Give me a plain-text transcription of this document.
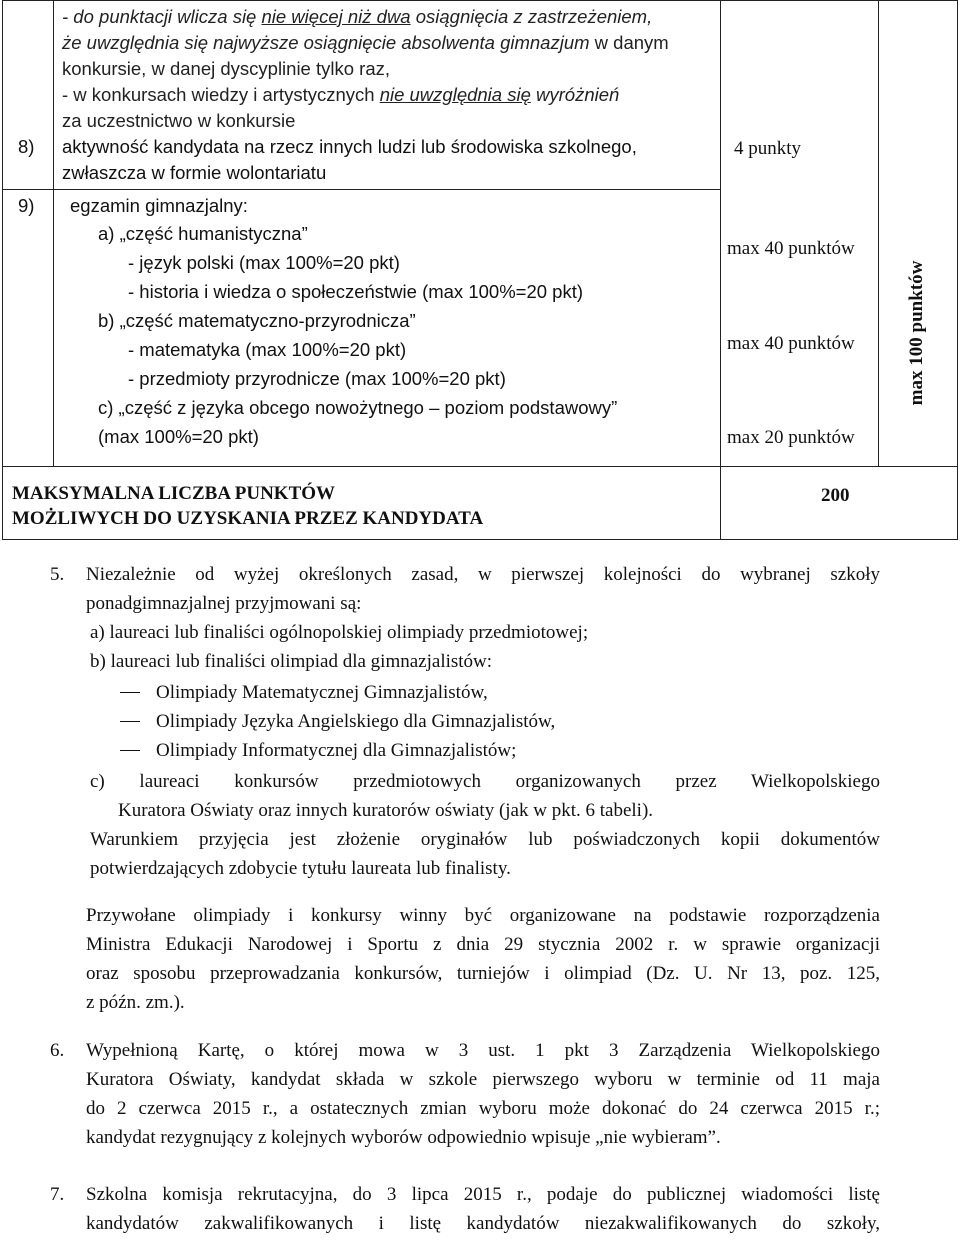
- do punktacji wlicza się nie więcej niż dwa osiągnięcia z zastrzeżeniem,
że uwzględnia się najwyższe osiągnięcie absolwenta gimnazjum w danym
konkursie, w danej dyscyplinie tylko raz,
- w konkursach wiedzy i artystycznych nie uwzględnia się wyróżnień
za uczestnictwo w konkursie
8) aktywność kandydata na rzecz innych ludzi lub środowiska szkolnego,
zwłaszcza w formie wolontariatu
4 punkty
9) egzamin gimnazjalny:
a) „część humanistyczna”
- język polski (max 100%=20 pkt)
- historia i wiedza o społeczeństwie (max 100%=20 pkt)
b) „część matematyczno-przyrodnicza”
- matematyka (max 100%=20 pkt)
- przedmioty przyrodnicze (max 100%=20 pkt)
c) „część z języka obcego nowożytnego – poziom podstawowy”
(max 100%=20 pkt)
max 40 punktów
max 40 punktów
max 20 punktów
max 100 punktów
MAKSYMALNA LICZBA PUNKTÓW
MOŻLIWYCH DO UZYSKANIA PRZEZ KANDYDATA
200
5. Niezależnie od wyżej określonych zasad, w pierwszej kolejności do wybranej szkoły
ponadgimnazjalnej przyjmowani są:
a) laureaci lub finaliści ogólnopolskiej olimpiady przedmiotowej;
b) laureaci lub finaliści olimpiad dla gimnazjalistów:
Olimpiady Matematycznej Gimnazjalistów,
Olimpiady Języka Angielskiego dla Gimnazjalistów,
Olimpiady Informatycznej dla Gimnazjalistów;
c) laureaci konkursów przedmiotowych organizowanych przez Wielkopolskiego
Kuratora Oświaty oraz innych kuratorów oświaty (jak w pkt. 6 tabeli).
Warunkiem przyjęcia jest złożenie oryginałów lub poświadczonych kopii dokumentów
potwierdzających zdobycie tytułu laureata lub finalisty.
Przywołane olimpiady i konkursy winny być organizowane na podstawie rozporządzenia
Ministra Edukacji Narodowej i Sportu z dnia 29 stycznia 2002 r. w sprawie organizacji
oraz sposobu przeprowadzania konkursów, turniejów i olimpiad (Dz. U. Nr 13, poz. 125,
z późn. zm.).
6. Wypełnioną Kartę, o której mowa w 3 ust. 1 pkt 3 Zarządzenia Wielkopolskiego
Kuratora Oświaty, kandydat składa w szkole pierwszego wyboru w terminie od 11 maja
do 2 czerwca 2015 r., a ostatecznych zmian wyboru może dokonać do 24 czerwca 2015 r.;
kandydat rezygnujący z kolejnych wyborów odpowiednio wpisuje „nie wybieram”.
7. Szkolna komisja rekrutacyjna, do 3 lipca 2015 r., podaje do publicznej wiadomości listę
kandydatów zakwalifikowanych i listę kandydatów niezakwalifikowanych do szkoły,
